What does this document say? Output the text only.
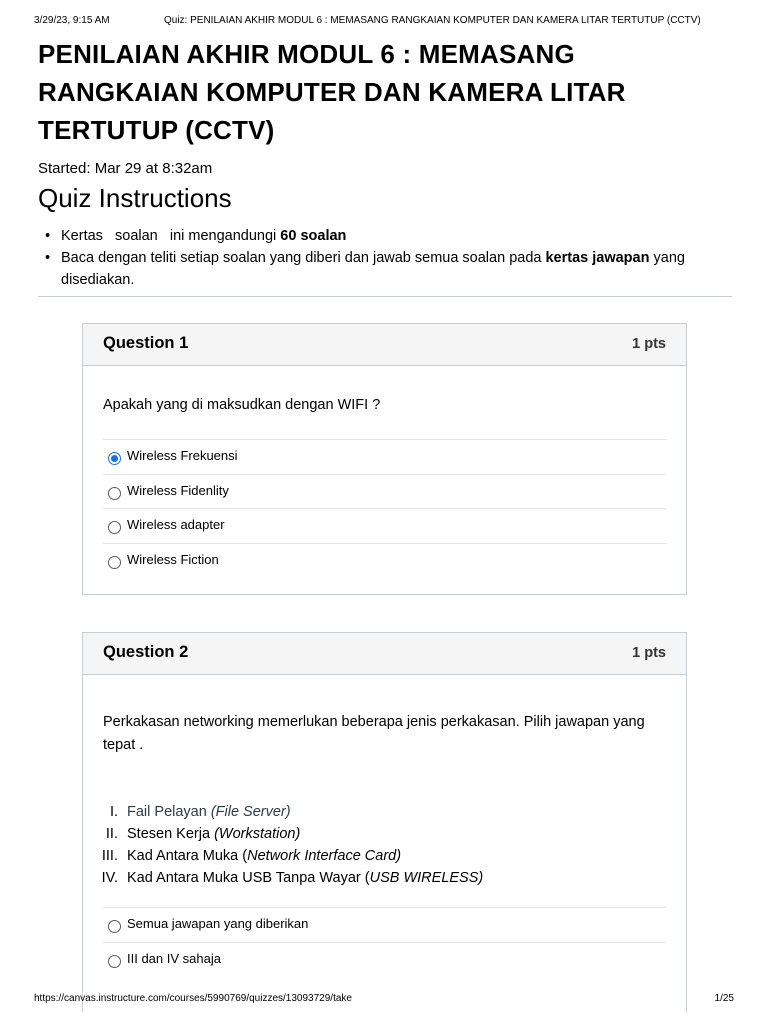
3/29/23, 9:15 AM	Quiz: PENILAIAN AKHIR MODUL 6 : MEMASANG RANGKAIAN KOMPUTER DAN KAMERA LITAR TERTUTUP (CCTV)
PENILAIAN AKHIR MODUL 6 : MEMASANG RANGKAIAN KOMPUTER DAN KAMERA LITAR TERTUTUP (CCTV)
Started: Mar 29 at 8:32am
Quiz Instructions
• Kertas soalan ini mengandungi 60 soalan
• Baca dengan teliti setiap soalan yang diberi dan jawab semua soalan pada kertas jawapan yang disediakan.
Question 1	1 pts
Apakah yang di maksudkan dengan WIFI ?
Wireless Frekuensi
Wireless Fidenlity
Wireless adapter
Wireless Fiction
Question 2	1 pts
Perkakasan networking memerlukan beberapa jenis perkakasan. Pilih jawapan yang tepat .
I. Fail Pelayan (File Server)
II. Stesen Kerja (Workstation)
III. Kad Antara Muka (Network Interface Card)
IV. Kad Antara Muka USB Tanpa Wayar (USB WIRELESS)
Semua jawapan yang diberikan
III dan IV sahaja
https://canvas.instructure.com/courses/5990769/quizzes/13093729/take	1/25
